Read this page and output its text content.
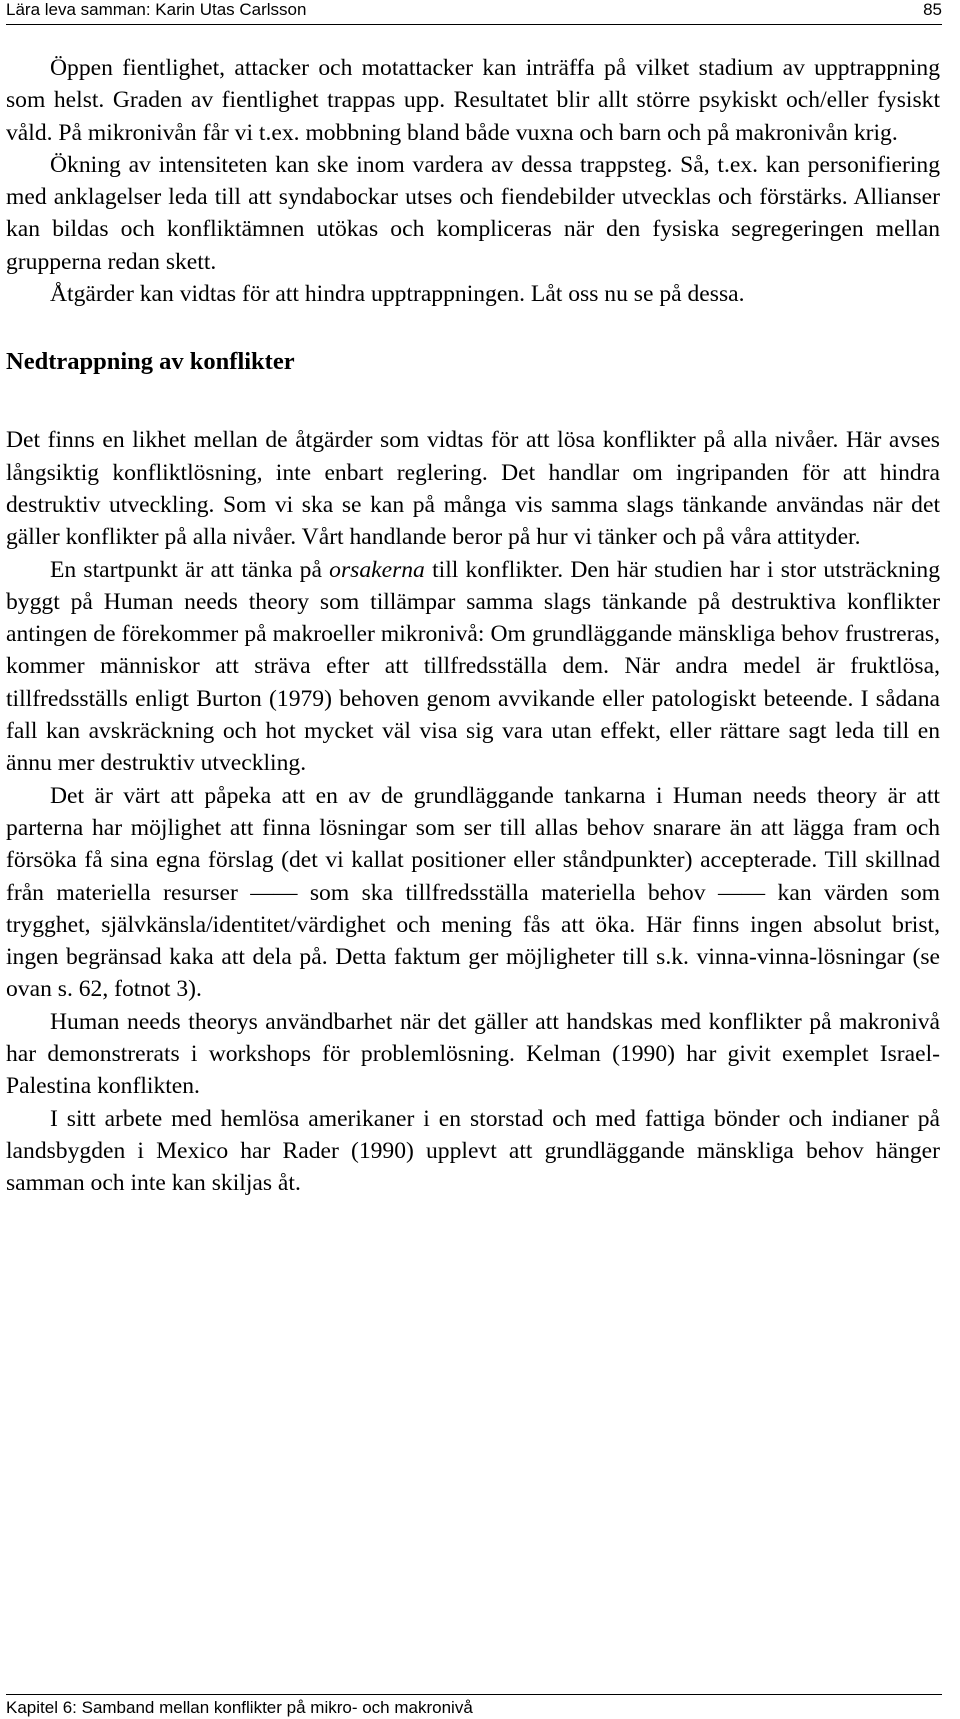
Lära leva samman: Karin Utas Carlsson	85

Öppen fientlighet, attacker och motattacker kan inträffa på vilket stadium av upptrappning som helst. Graden av fientlighet trappas upp. Resultatet blir allt större psykiskt och/eller fysiskt våld. På mikronivån får vi t.ex. mobbning bland både vuxna och barn och på makronivån krig.

Ökning av intensiteten kan ske inom vardera av dessa trappsteg. Så, t.ex. kan personifiering med anklagelser leda till att syndabockar utses och fiendebilder utvecklas och förstärks. Allianser kan bildas och konfliktämnen utökas och kompliceras när den fysiska segregeringen mellan grupperna redan skett.

Åtgärder kan vidtas för att hindra upptrappningen. Låt oss nu se på dessa.

Nedtrappning av konflikter

Det finns en likhet mellan de åtgärder som vidtas för att lösa konflikter på alla nivåer. Här avses långsiktig konfliktlösning, inte enbart reglering. Det handlar om ingripanden för att hindra destruktiv utveckling. Som vi ska se kan på många vis samma slags tänkande användas när det gäller konflikter på alla nivåer. Vårt handlande beror på hur vi tänker och på våra attityder.

En startpunkt är att tänka på orsakerna till konflikter. Den här studien har i stor utsträckning byggt på Human needs theory som tillämpar samma slags tänkande på destruktiva konflikter antingen de förekommer på makroeller mikronivå: Om grundläggande mänskliga behov frustreras, kommer människor att sträva efter att tillfredsställa dem. När andra medel är fruktlösa, tillfredsställs enligt Burton (1979) behoven genom avvikande eller patologiskt beteende. I sådana fall kan avskräckning och hot mycket väl visa sig vara utan effekt, eller rättare sagt leda till en ännu mer destruktiv utveckling.

Det är värt att påpeka att en av de grundläggande tankarna i Human needs theory är att parterna har möjlighet att finna lösningar som ser till allas behov snarare än att lägga fram och försöka få sina egna förslag (det vi kallat positioner eller ståndpunkter) accepterade. Till skillnad från materiella resurser —— som ska tillfredsställa materiella behov —— kan värden som trygghet, självkänsla/identitet/värdighet och mening fås att öka. Här finns ingen absolut brist, ingen begränsad kaka att dela på. Detta faktum ger möjligheter till s.k. vinna-vinna-lösningar (se ovan s. 62, fotnot 3).

Human needs theorys användbarhet när det gäller att handskas med konflikter på makronivå har demonstrerats i workshops för problemlösning. Kelman (1990) har givit exemplet Israel-Palestina konflikten.

I sitt arbete med hemlösa amerikaner i en storstad och med fattiga bönder och indianer på landsbygden i Mexico har Rader (1990) upplevt att grundläggande mänskliga behov hänger samman och inte kan skiljas åt.

Kapitel 6: Samband mellan konflikter på mikro- och makronivå
